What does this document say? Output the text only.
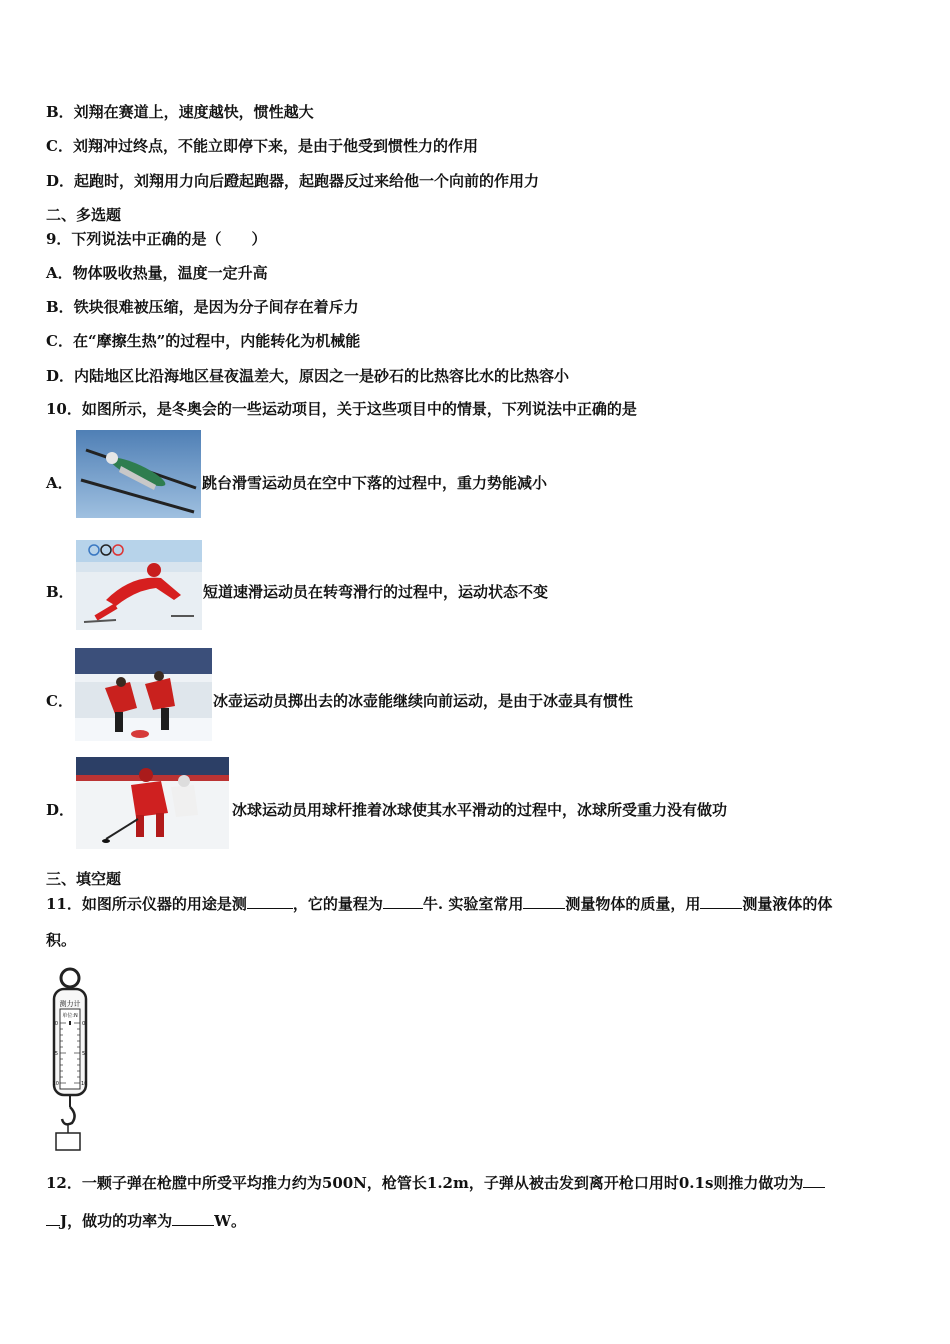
B．刘翔在赛道上，速度越快，惯性越大
C．刘翔冲过终点，不能立即停下来，是由于他受到惯性力的作用
D．起跑时，刘翔用力向后蹬起跑器，起跑器反过来给他一个向前的作用力
二、多选题
9．下列说法中正确的是（　　）
A．物体吸收热量，温度一定升高
B．铁块很难被压缩，是因为分子间存在着斥力
C．在“摩擦生热”的过程中，内能转化为机械能
D．内陆地区比沿海地区昼夜温差大，原因之一是砂石的比热容比水的比热容小
10．如图所示，是冬奥会的一些运动项目，关于这些项目中的情景，下列说法中正确的是
A．	跳台滑雪运动员在空中下落的过程中，重力势能减小
B．	短道速滑运动员在转弯滑行的过程中，运动状态不变
C．	冰壶运动员掷出去的冰壶能继续向前运动，是由于冰壶具有惯性
D．	冰球运动员用球杆推着冰球使其水平滑动的过程中，冰球所受重力没有做功
三、填空题
11．如图所示仪器的用途是测	，它的量程为	牛. 实验室常用	测量物体的质量，用	测量液体的体
积。
测力计
单位:N
0
5
10
0
5
10
12．一颗子弹在枪膛中所受平均推力约为500N，枪管长1.2m，子弹从被击发到离开枪口用时0.1s则推力做功为
J，做功的功率为	W。
